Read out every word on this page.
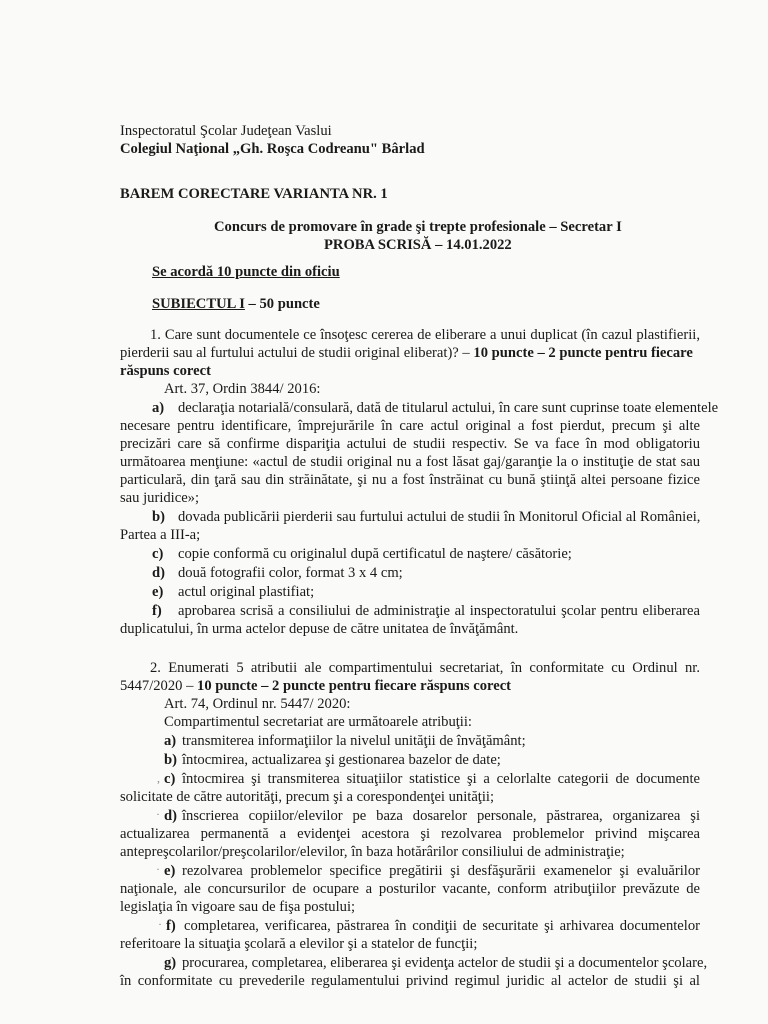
Inspectoratul Şcolar Judeţean Vaslui
Colegiul Naţional „Gh. Roşca Codreanu" Bârlad
BAREM CORECTARE VARIANTA NR. 1
Concurs de promovare în grade şi trepte profesionale – Secretar I
PROBA SCRISĂ – 14.01.2022
Se acordă 10 puncte din oficiu
SUBIECTUL I – 50 puncte
1. Care sunt documentele ce însoţesc cererea de eliberare a unui duplicat (în cazul plastifierii,
pierderii sau al furtului actului de studii original eliberat)? – 10 puncte – 2 puncte pentru fiecare
răspuns corect
Art. 37, Ordin 3844/ 2016:
a) declaraţia notarială/consulară, dată de titularul actului, în care sunt cuprinse toate elementele
necesare pentru identificare, împrejurările în care actul original a fost pierdut, precum şi alte
precizări care să confirme dispariţia actului de studii respectiv. Se va face în mod obligatoriu
următoarea menţiune: «actul de studii original nu a fost lăsat gaj/garanţie la o instituţie de stat sau
particulară, din ţară sau din străinătate, şi nu a fost înstrăinat cu bună ştiinţă altei persoane fizice
sau juridice»;
b) dovada publicării pierderii sau furtului actului de studii în Monitorul Oficial al României,
Partea a III-a;
c) copie conformă cu originalul după certificatul de naştere/ căsătorie;
d) două fotografii color, format 3 x 4 cm;
e) actul original plastifiat;
f) aprobarea scrisă a consiliului de administraţie al inspectoratului şcolar pentru eliberarea
duplicatului, în urma actelor depuse de către unitatea de învăţământ.
2. Enumerati 5 atributii ale compartimentului secretariat, în conformitate cu Ordinul nr.
5447/2020 – 10 puncte – 2 puncte pentru fiecare răspuns corect
Art. 74, Ordinul nr. 5447/ 2020:
Compartimentul secretariat are următoarele atribuţii:
a) transmiterea informaţiilor la nivelul unităţii de învăţământ;
b) întocmirea, actualizarea şi gestionarea bazelor de date;
, c) întocmirea şi transmiterea situaţiilor statistice şi a celorlalte categorii de documente
solicitate de către autorităţi, precum şi a corespondenţei unităţii;
· d) înscrierea copiilor/elevilor pe baza dosarelor personale, păstrarea, organizarea şi
actualizarea permanentă a evidenţei acestora şi rezolvarea problemelor privind mişcarea
antepreşcolarilor/preşcolarilor/elevilor, în baza hotărârilor consiliului de administraţie;
· e) rezolvarea problemelor specifice pregătirii şi desfăşurării examenelor şi evaluărilor
naţionale, ale concursurilor de ocupare a posturilor vacante, conform atribuţiilor prevăzute de
legislaţia în vigoare sau de fişa postului;
· f) completarea, verificarea, păstrarea în condiţii de securitate şi arhivarea documentelor
referitoare la situaţia şcolară a elevilor şi a statelor de funcţii;
g) procurarea, completarea, eliberarea şi evidenţa actelor de studii şi a documentelor şcolare,
în conformitate cu prevederile regulamentului privind regimul juridic al actelor de studii şi al
